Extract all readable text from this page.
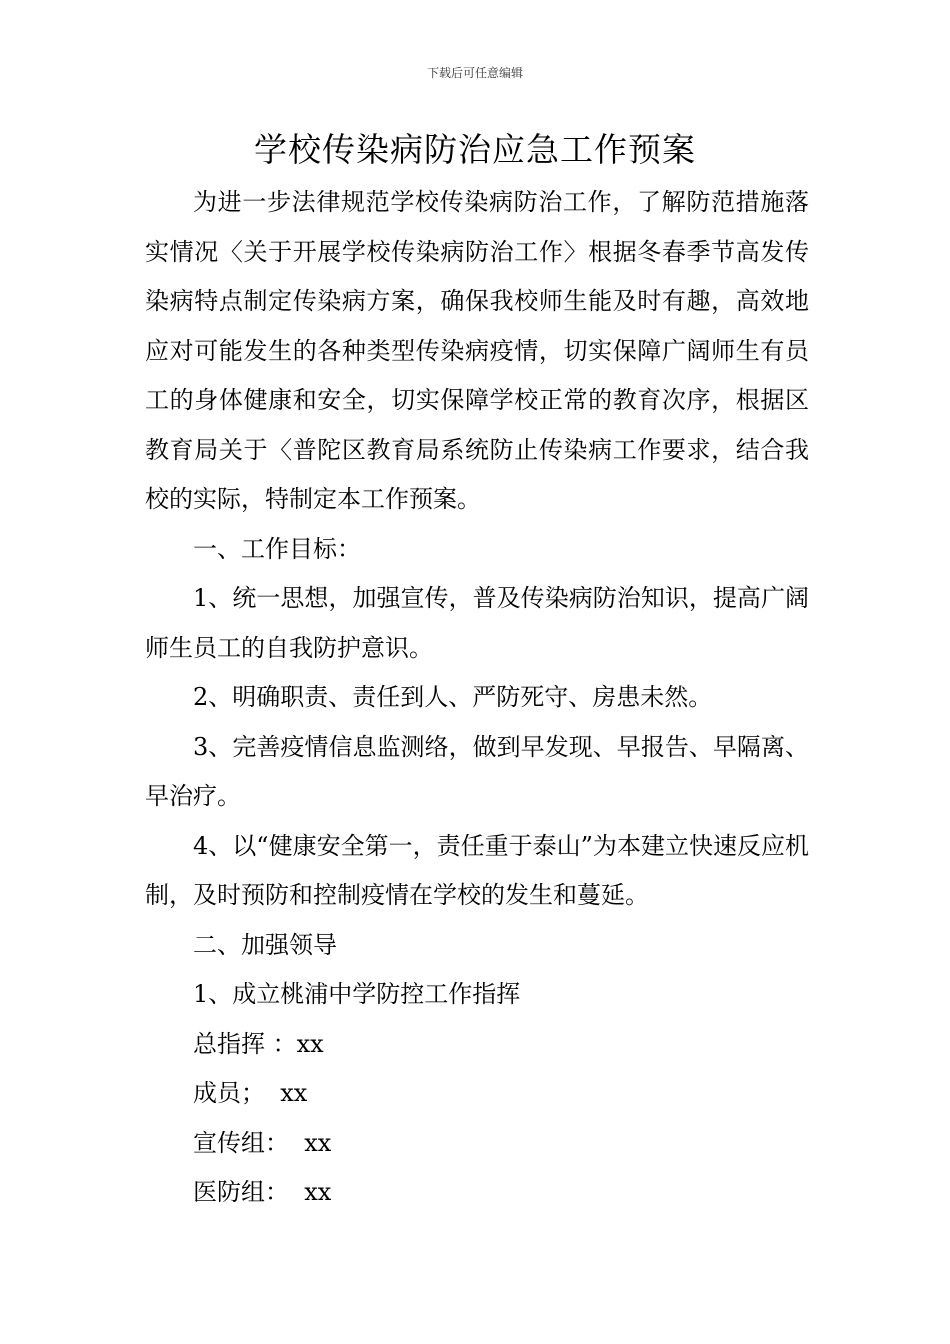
下载后可任意编辑
学校传染病防治应急工作预案

为进一步法律规范学校传染病防治工作，了解防范措施落实情况〈关于开展学校传染病防治工作〉根据冬春季节高发传染病特点制定传染病方案，确保我校师生能及时有趣，高效地应对可能发生的各种类型传染病疫情，切实保障广阔师生有员工的身体健康和安全，切实保障学校正常的教育次序，根据区教育局关于〈普陀区教育局系统防止传染病工作要求，结合我校的实际，特制定本工作预案。

一、工作目标：

1、统一思想，加强宣传，普及传染病防治知识，提高广阔师生员工的自我防护意识。

2、明确职责、责任到人、严防死守、房患未然。

3、完善疫情信息监测络，做到早发现、早报告、早隔离、早治疗。

4、以“健康安全第一，责任重于泰山”为本建立快速反应机制，及时预防和控制疫情在学校的发生和蔓延。

二、加强领导

1、成立桃浦中学防控工作指挥

总指挥 ：xx

成员；  xx

宣传组：  xx

医防组：  xx
